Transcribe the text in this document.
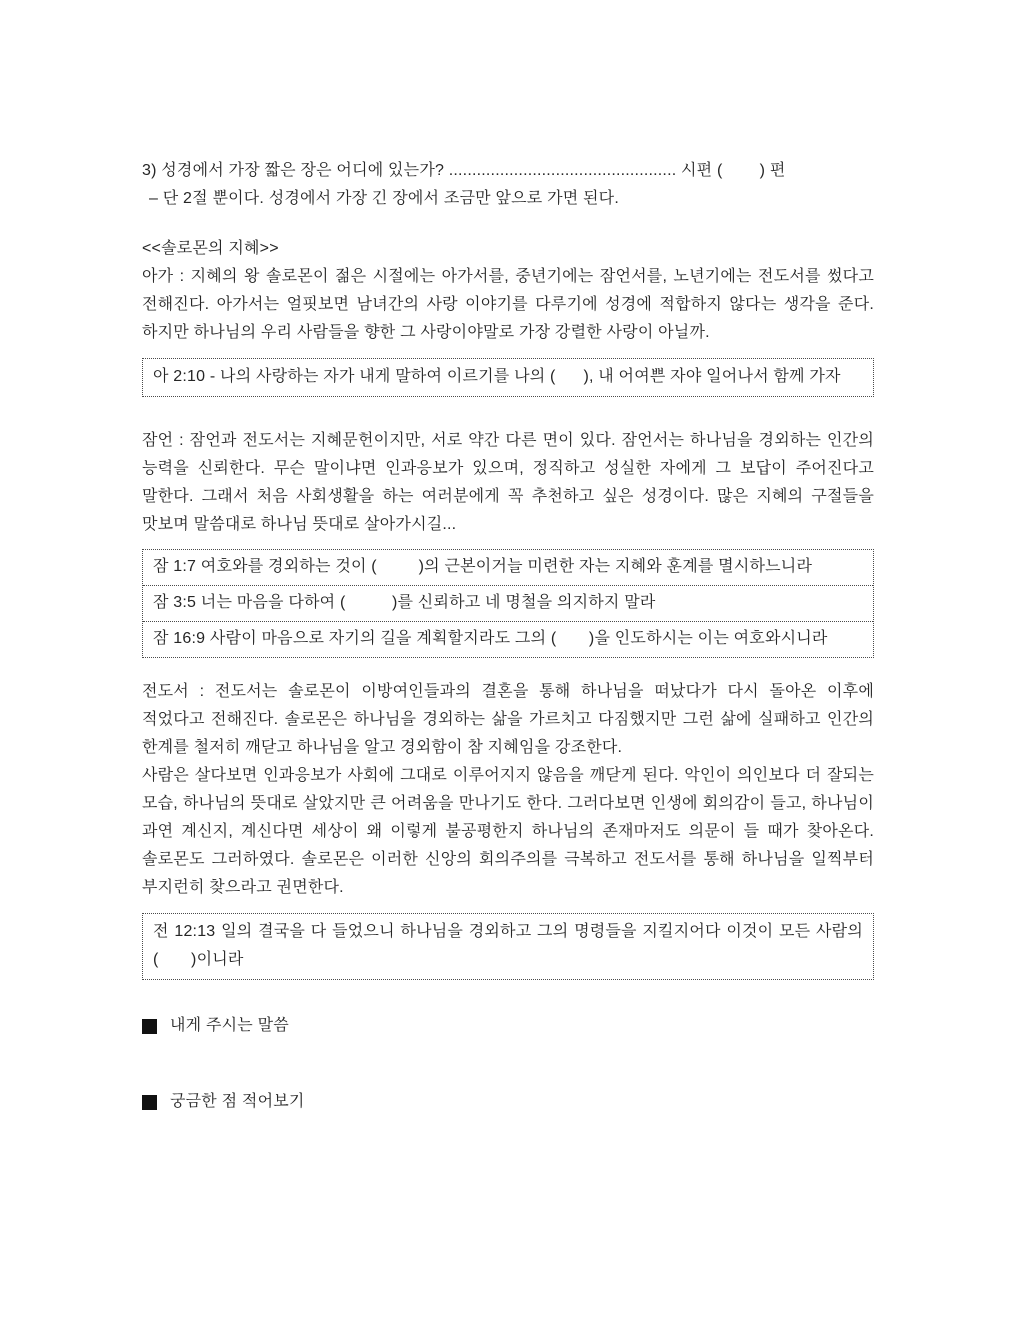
3) 성경에서 가장 짧은 장은 어디에 있는가? ................................................. 시편 (        ) 편
– 단 2절 뿐이다. 성경에서 가장 긴 장에서 조금만 앞으로 가면 된다.
<<솔로몬의 지혜>>

아가 : 지혜의 왕 솔로몬이 젊은 시절에는 아가서를, 중년기에는 잠언서를, 노년기에는 전도서를 썼다고 전해진다. 아가서는 얼핏보면 남녀간의 사랑 이야기를 다루기에 성경에 적합하지 않다는 생각을 준다. 하지만 하나님의 우리 사람들을 향한 그 사랑이야말로 가장 강렬한 사랑이 아닐까.

아 2:10 - 나의 사랑하는 자가 내게 말하여 이르기를 나의 (      ), 내 어여쁜 자야 일어나서 함께 가자

잠언 : 잠언과 전도서는 지혜문헌이지만, 서로 약간 다른 면이 있다. 잠언서는 하나님을 경외하는 인간의 능력을 신뢰한다. 무슨 말이냐면 인과응보가 있으며, 정직하고 성실한 자에게 그 보답이 주어진다고 말한다. 그래서 처음 사회생활을 하는 여러분에게 꼭 추천하고 싶은 성경이다. 많은 지혜의 구절들을 맛보며 말씀대로 하나님 뜻대로 살아가시길...

잠 1:7 여호와를 경외하는 것이 (         )의 근본이거늘 미련한 자는 지혜와 훈계를 멸시하느니라
잠 3:5 너는 마음을 다하여 (          )를 신뢰하고 네 명철을 의지하지 말라
잠 16:9 사람이 마음으로 자기의 길을 계획할지라도 그의 (       )을 인도하시는 이는 여호와시니라

전도서 : 전도서는 솔로몬이 이방여인들과의 결혼을 통해 하나님을 떠났다가 다시 돌아온 이후에 적었다고 전해진다. 솔로몬은 하나님을 경외하는 삶을 가르치고 다짐했지만 그런 삶에 실패하고 인간의 한계를 철저히 깨닫고 하나님을 알고 경외함이 참 지혜임을 강조한다.

사람은 살다보면 인과응보가 사회에 그대로 이루어지지 않음을 깨닫게 된다. 악인이 의인보다 더 잘되는 모습, 하나님의 뜻대로 살았지만 큰 어려움을 만나기도 한다. 그러다보면 인생에 회의감이 들고, 하나님이 과연 계신지, 계신다면 세상이 왜 이렇게 불공평한지 하나님의 존재마저도 의문이 들 때가 찾아온다. 솔로몬도 그러하였다. 솔로몬은 이러한 신앙의 회의주의를 극복하고 전도서를 통해 하나님을 일찍부터 부지런히 찾으라고 권면한다.

전 12:13 일의 결국을 다 들었으니 하나님을 경외하고 그의 명령들을 지킬지어다 이것이 모든 사람의 (       )이니라
내게 주시는 말씀
궁금한 점 적어보기
